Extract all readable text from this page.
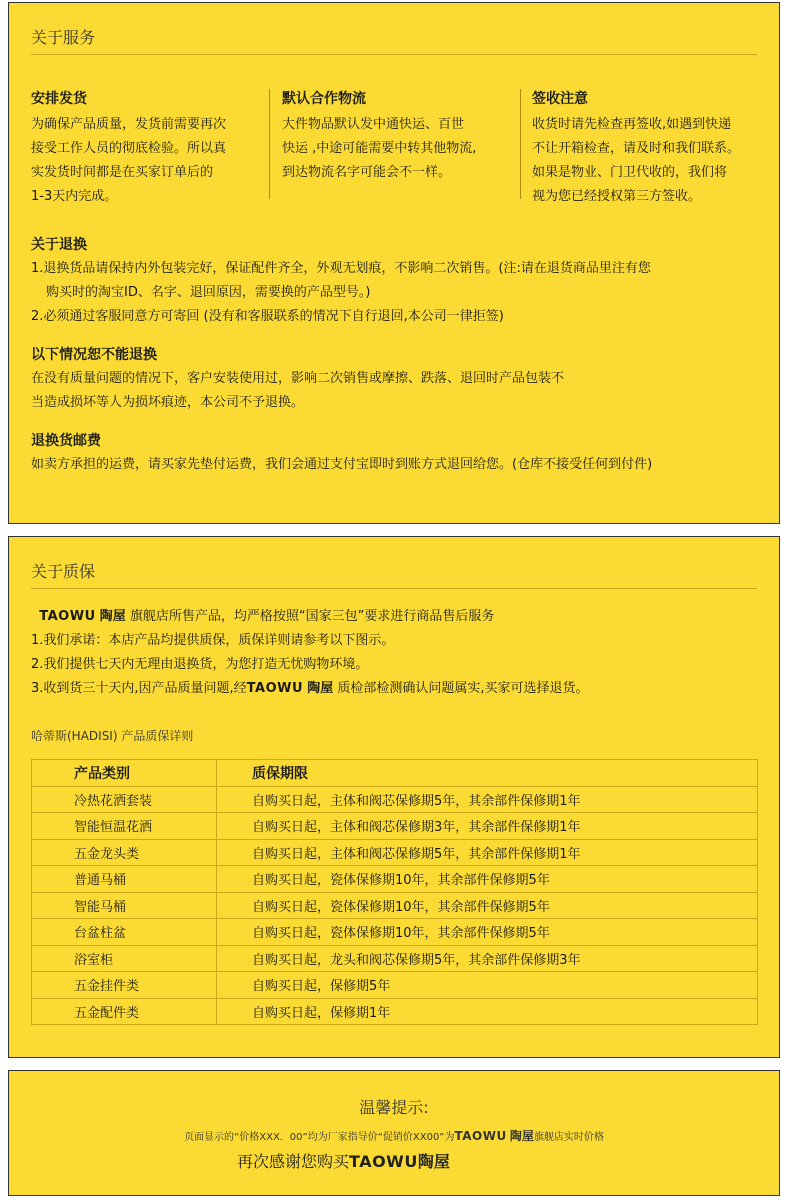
关于服务
安排发货

为确保产品质量，发货前需要再次

接受工作人员的彻底检验。所以真

实发货时间都是在买家订单后的

1-3天内完成。

默认合作物流

大件物品默认发中通快运、百世

快运 ,中途可能需要中转其他物流,

到达物流名字可能会不一样。

签收注意

收货时请先检查再签收,如遇到快递

不让开箱检查，请及时和我们联系。

如果是物业、门卫代收的，我们将

视为您已经授权第三方签收。

关于退换

1.退换货品请保持内外包装完好，保证配件齐全，外观无划痕，不影响二次销售。(注:请在退货商品里注有您

购买时的淘宝ID、名字、退回原因，需要换的产品型号。)

2.必须通过客服同意方可寄回 (没有和客服联系的情况下自行退回,本公司一律拒签)

以下情况恕不能退换

在没有质量问题的情况下，客户安装使用过，影响二次销售或摩擦、跌落、退回时产品包装不

当造成损坏等人为损坏痕迹，本公司不予退换。

退换货邮费

如卖方承担的运费，请买家先垫付运费，我们会通过支付宝即时到账方式退回给您。(仓库不接受任何到付件)

关于质保

TAOWU 陶屋 旗舰店所售产品，均严格按照“国家三包”要求进行商品售后服务

1.我们承诺：本店产品均提供质保，质保详则请参考以下图示。

2.我们提供七天内无理由退换货，为您打造无忧购物环境。

3.收到货三十天内,因产品质量问题,经TAOWU 陶屋 质检部检测确认问题属实,买家可选择退货。

哈蒂斯(HADISI) 产品质保详则
产品类别	质保期限
冷热花洒套装	自购买日起，主体和阀芯保修期5年，其余部件保修期1年
智能恒温花洒	自购买日起，主体和阀芯保修期3年，其余部件保修期1年
五金龙头类	自购买日起，主体和阀芯保修期5年，其余部件保修期1年
普通马桶	自购买日起，瓷体保修期10年，其余部件保修期5年
智能马桶	自购买日起，瓷体保修期10年，其余部件保修期5年
台盆柱盆	自购买日起，瓷体保修期10年，其余部件保修期5年
浴室柜	自购买日起，龙头和阀芯保修期5年，其余部件保修期3年
五金挂件类	自购买日起，保修期5年
五金配件类	自购买日起，保修期1年
温馨提示:
页面显示的“价格XXX．00”均为厂家指导价“促销价XX00”为TAOWU 陶屋旗舰店实时价格
再次感谢您购买TAOWU陶屋
